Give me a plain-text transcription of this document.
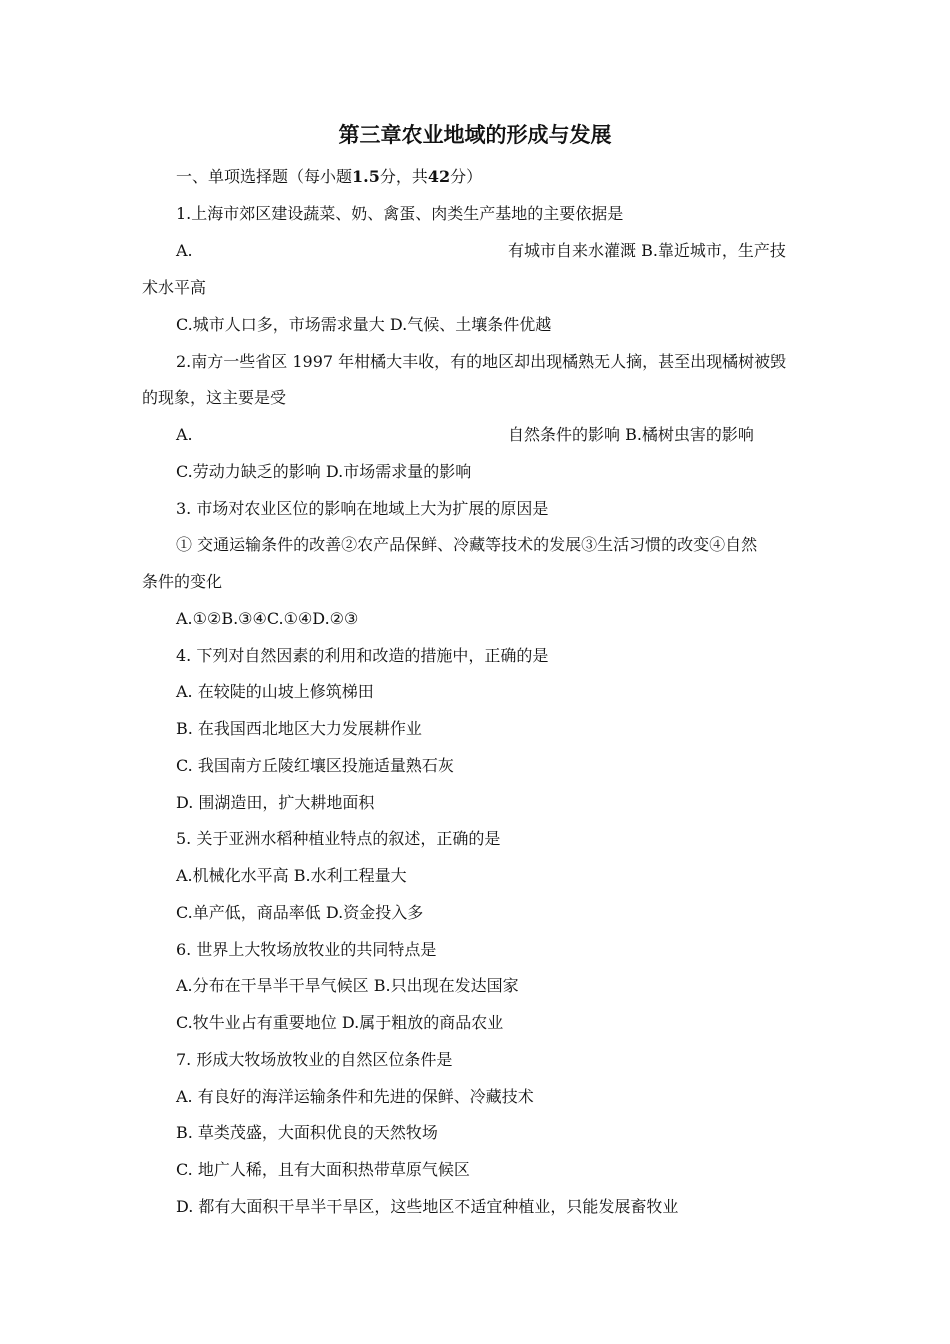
第三章农业地域的形成与发展
一、单项选择题（每小题1.5分，共42分）
1.上海市郊区建设蔬菜、奶、禽蛋、肉类生产基地的主要依据是
A.	有城市自来水灌溉 B.靠近城市，生产技
术水平高
C.城市人口多，市场需求量大 D.气候、土壤条件优越
2.南方一些省区 1997 年柑橘大丰收，有的地区却出现橘熟无人摘，甚至出现橘树被毁
的现象，这主要是受
A.	自然条件的影响 B.橘树虫害的影响
C.劳动力缺乏的影响 D.市场需求量的影响
3. 市场对农业区位的影响在地域上大为扩展的原因是
① 交通运输条件的改善②农产品保鲜、冷藏等技术的发展③生活习惯的改变④自然
条件的变化
A.①②B.③④C.①④D.②③
4. 下列对自然因素的利用和改造的措施中，正确的是
A. 在较陡的山坡上修筑梯田
B. 在我国西北地区大力发展耕作业
C. 我国南方丘陵红壤区投施适量熟石灰
D. 围湖造田，扩大耕地面积
5. 关于亚洲水稻种植业特点的叙述，正确的是
A.机械化水平高 B.水利工程量大
C.单产低，商品率低 D.资金投入多
6. 世界上大牧场放牧业的共同特点是
A.分布在干旱半干旱气候区 B.只出现在发达国家
C.牧牛业占有重要地位 D.属于粗放的商品农业
7. 形成大牧场放牧业的自然区位条件是
A. 有良好的海洋运输条件和先进的保鲜、冷藏技术
B. 草类茂盛，大面积优良的天然牧场
C. 地广人稀，且有大面积热带草原气候区
D. 都有大面积干旱半干旱区，这些地区不适宜种植业，只能发展畜牧业
